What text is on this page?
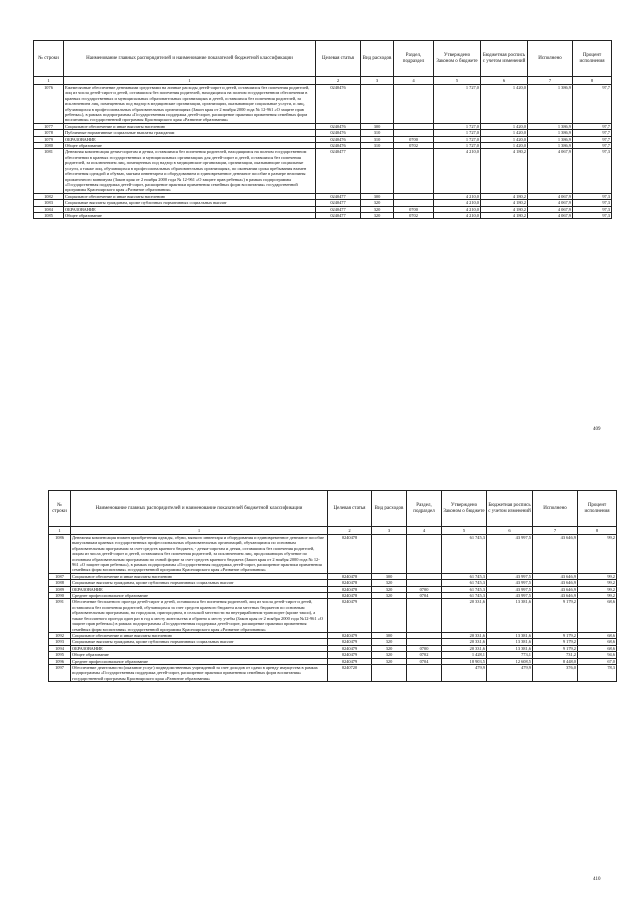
№ строки	Наименование главных распорядителей и наименование показателей бюджетной классификации	Целевая статья	Вид расходов	Раздел, подраздел	Утверждено Законом о бюджете	Бюджетная роспись с учетом изменений	Исполнено	Процент исполнения
1	1	2	3	4	5	6	7	8
1076	Ежемесячные обеспечение денежными средствами на личные расходы детей-сирот и детей, оставшихся без попечения родителей, лиц из числа детей-сирот и детей, оставшихся без попечения родителей, находящихся на полном государственном обеспечении в краевых государственных и муниципальных образовательных организациях и детей, оставшихся без попечения родителей, за исключением лиц, помещенных под надзор в медицинские организации, организации, оказывающие социальные услуги, и лиц, обучающихся в профессиональных образовательных организациях (Закон края от 2 ноября 2000 года № 12-961 «О защите прав ребенка»), в рамках подпрограммы «Государственная поддержка детей-сирот, расширение практики применения семейных форм воспитания» государственной программы Красноярского края «Развитие образования»	0240476			1 727,0	1 420,0	1 386,9	97,7
1077	Социальное обеспечение и иные выплаты населению	0240476	300		1 727,0	1 420,0	1 386,9	97,7
1078	Публичные нормативные социальные выплаты гражданам	0240476	310		1 727,0	1 420,0	1 386,9	97,7
1079	ОБРАЗОВАНИЕ	0240476	310	0700	1 727,0	1 420,0	1 386,9	97,7
1080	Общее образование	0240476	310	0702	1 727,0	1 420,0	1 386,9	97,7
1081	Денежная компенсация детям-сиротам и детям, оставшимся без попечения родителей, находящимся на полном государственном обеспечении в краевых государственных и муниципальных организациях для детей-сирот и детей, оставшихся без попечения родителей, за исключением лиц, помещенных под надзор в медицинские организации, организации, оказывающие социальные услуги, а также лиц, обучающихся в профессиональных образовательных организациях, по окончании срока пребывания взамен обеспечения одеждой и обувью, мягким инвентарем и оборудованием и единовременное денежное пособие в размере величины прожиточного минимума (Закон края от 2 ноября 2000 года № 12-961 «О защите прав ребенка») в рамках подпрограммы «Государственная поддержка детей-сирот, расширение практики применения семейных форм воспитания» государственной программы Красноярского края «Развитие образования»	0240477			4 210,0	4 180,2	4 067,9	97,3
1082	Социальное обеспечение и иные выплаты населению	0240477	300		4 210,0	4 180,2	4 067,9	97,3
1083	Социальные выплаты гражданам, кроме публичных нормативных социальных выплат	0240477	320		4 210,0	4 180,2	4 067,9	97,3
1084	ОБРАЗОВАНИЕ	0240477	320	0700	4 210,0	4 180,2	4 067,9	97,3
1085	Общее образование	0240477	320	0702	4 210,0	4 180,2	4 067,9	97,3
409
№ строки	Наименование главных распорядителей и наименование показателей бюджетной классификации	Целевая статья	Вид расходов	Раздел, подраздел	Утверждено Законом о бюджете	Бюджетная роспись с учетом изменений	Исполнено	Процент исполнения
1	1	2	3	4	5	6	7	8
1086	Денежная компенсация взамен приобретения одежды, обуви, мягкого инвентаря и оборудования и единовременное денежное пособие выпускникам краевых государственных профессиональных образовательных организаций, обучающимся по основным образовательным программам за счет средств краевого бюджета, - детям-сиротам и детям, оставшимся без попечения родителей, лицам из числа детей-сирот и детей, оставшихся без попечения родителей, за исключением лиц, продолжающих обучение по основным образовательным программам по очной форме за счет средств краевого бюджета (Закон края от 2 ноября 2000 года № 12-961 «О защите прав ребенка»), в рамках подпрограммы «Государственная поддержка детей-сирот, расширение практики применения семейных форм воспитания» государственной программы Красноярского края «Развитие образования»	0240478			61 745,3	43 997,5	43 646,9	99,2
1087	Социальное обеспечение и иные выплаты населению	0240478	300		61 745,3	43 997,5	43 646,9	99,2
1088	Социальные выплаты гражданам, кроме публичных нормативных социальных выплат	0240478	320		61 745,3	43 997,5	43 646,9	99,2
1089	ОБРАЗОВАНИЕ	0240478	320	0700	61 745,3	43 997,5	43 646,9	99,2
1090	Среднее профессиональное образование	0240478	320	0704	61 745,3	43 997,5	43 646,9	99,2
1091	Обеспечение бесплатного проезда детей-сирот и детей, оставшихся без попечения родителей, лиц из числа детей-сирот и детей, оставшихся без попечения родителей, обучающихся за счет средств краевого бюджета или местных бюджетов по основным образовательным программам, на городском, пригородном, в сельской местности на внутрирайонном транспорте (кроме такси), а также бесплатного проезда один раз в год к месту жительства и обратно к месту учебы (Закон края от 2 ноября 2000 года №12-961 «О защите прав ребенка») в рамках подпрограммы «Государственная поддержка детей-сирот, расширение практики применения семейных форм воспитания» государственной программы Красноярского края «Развитие образования»	0240479			20 331,6	13 381,6	9 179,2	68,6
1092	Социальное обеспечение и иные выплаты населению	0240479	300		20 331,6	13 381,6	9 179,2	68,6
1093	Социальные выплаты гражданам, кроме публичных нормативных социальных выплат	0240479	320		20 331,6	13 381,6	9 179,2	68,6
1094	ОБРАЗОВАНИЕ	0240479	320	0700	20 331,6	13 381,6	9 179,2	68,6
1095	Общее образование	0240479	320	0702	1 428,1	773,1	731,2	94,6
1096	Среднее профессиональное образование	0240479	320	0704	18 903,5	12 608,5	8 448,0	67,0
1097	Обеспечение деятельности (оказание услуг) подведомственных учреждений за счет доходов от сдачи в аренду имущества в рамках подпрограммы «Государственная поддержка детей-сирот, расширение практики применения семейных форм воспитания» государственной программы Красноярского края «Развитие образования»	0240720			479,9	479,9	376,0	78,3
410
